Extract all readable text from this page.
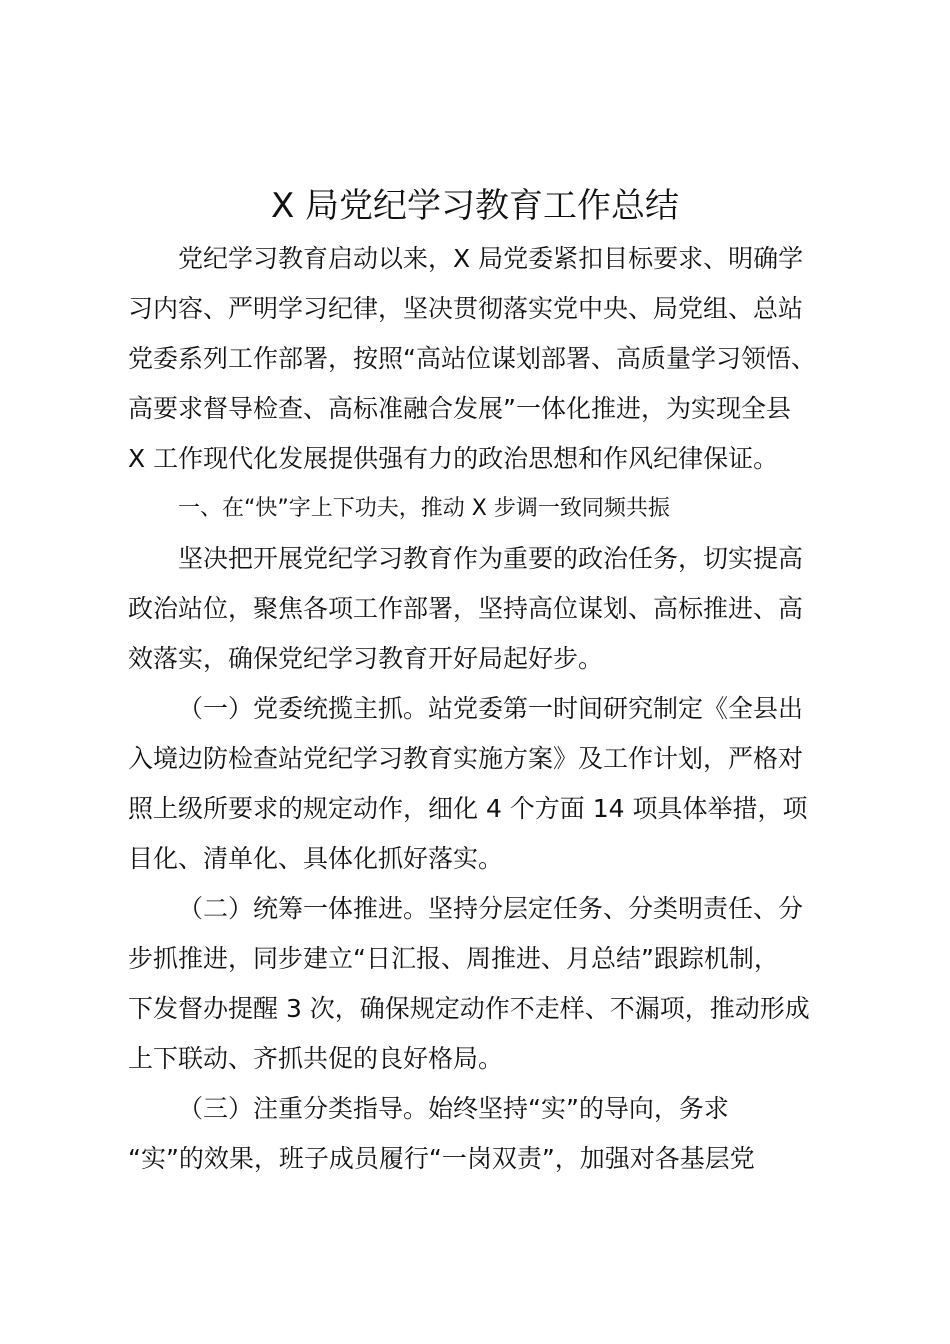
X 局党纪学习教育工作总结
党纪学习教育启动以来，X 局党委紧扣目标要求、明确学
习内容、严明学习纪律，坚决贯彻落实党中央、局党组、总站
党委系列工作部署，按照“高站位谋划部署、高质量学习领悟、
高要求督导检查、高标准融合发展”一体化推进，为实现全县
X 工作现代化发展提供强有力的政治思想和作风纪律保证。
一、在“快”字上下功夫，推动 X 步调一致同频共振
坚决把开展党纪学习教育作为重要的政治任务，切实提高
政治站位，聚焦各项工作部署，坚持高位谋划、高标推进、高
效落实，确保党纪学习教育开好局起好步。
（一）党委统揽主抓。站党委第一时间研究制定《全县出
入境边防检查站党纪学习教育实施方案》及工作计划，严格对
照上级所要求的规定动作，细化 4 个方面 14 项具体举措，项
目化、清单化、具体化抓好落实。
（二）统筹一体推进。坚持分层定任务、分类明责任、分
步抓推进，同步建立“日汇报、周推进、月总结”跟踪机制，
下发督办提醒 3 次，确保规定动作不走样、不漏项，推动形成
上下联动、齐抓共促的良好格局。
（三）注重分类指导。始终坚持“实”的导向，务求
“实”的效果，班子成员履行“一岗双责”，加强对各基层党
